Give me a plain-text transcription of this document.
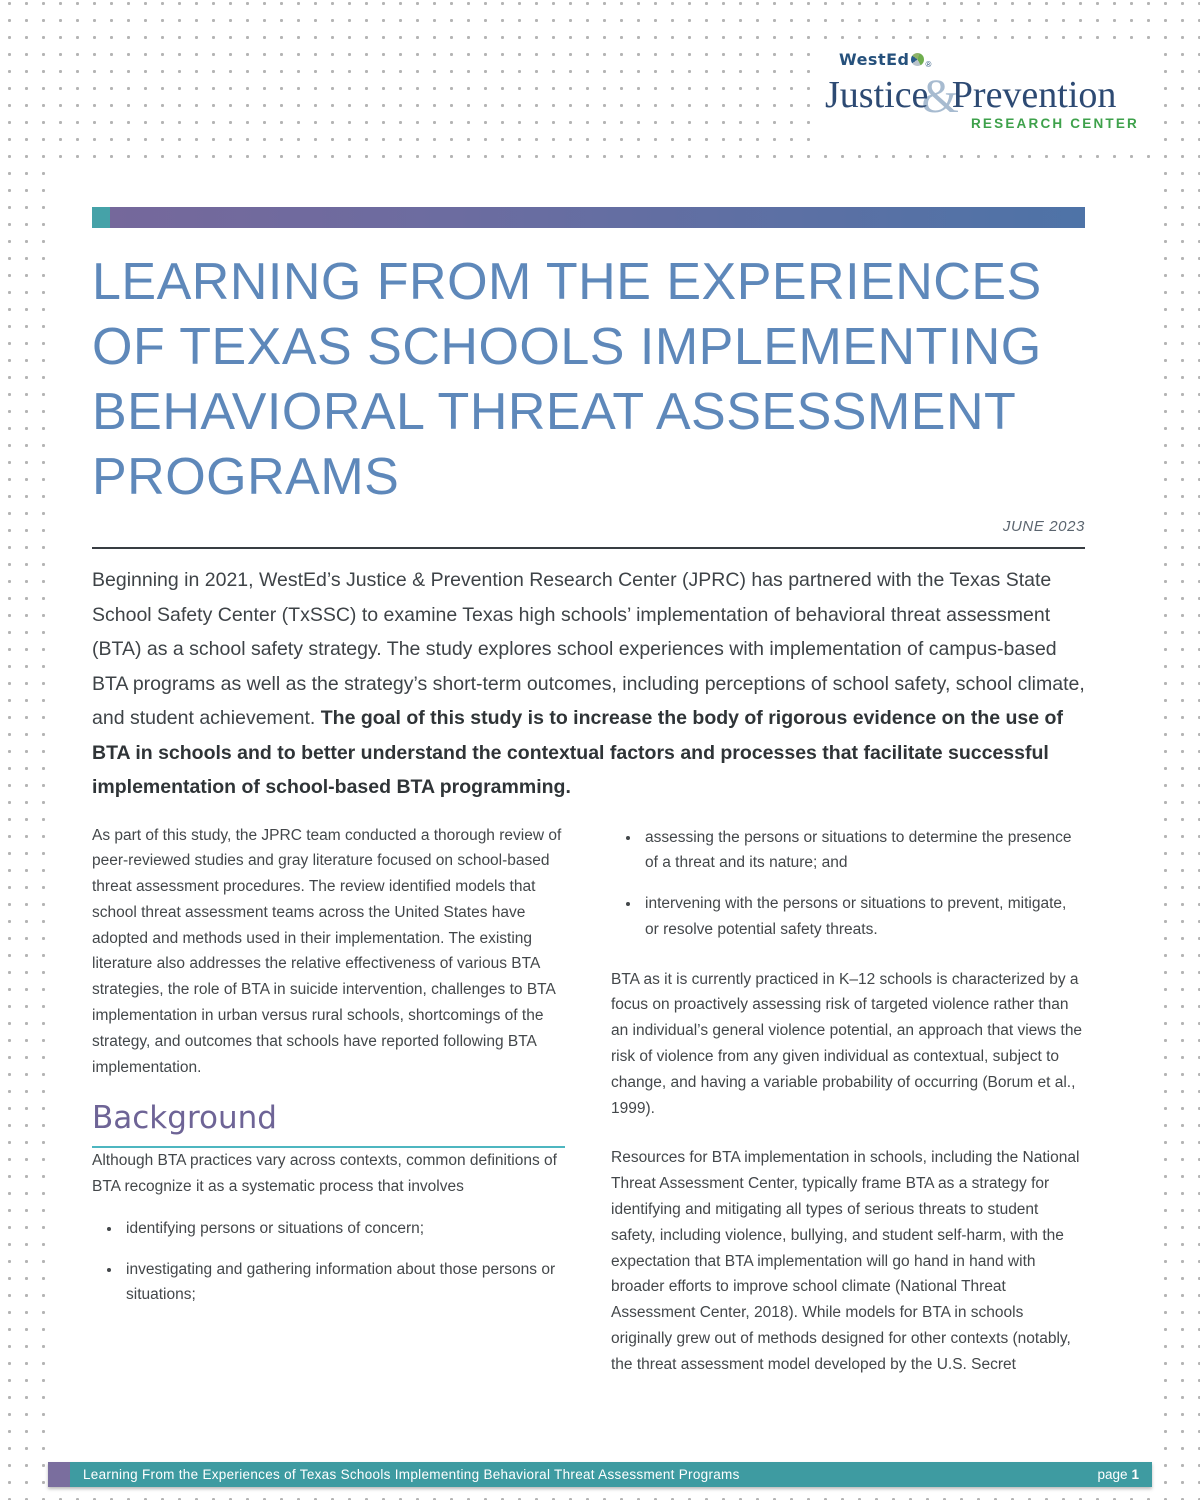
WestEd ®
Justice
&
Prevention
RESEARCH CENTER
LEARNING FROM THE EXPERIENCES
OF TEXAS SCHOOLS IMPLEMENTING
BEHAVIORAL THREAT ASSESSMENT
PROGRAMS
JUNE 2023

Beginning in 2021, WestEd’s Justice & Prevention Research Center (JPRC) has partnered with the Texas State School Safety Center (TxSSC) to examine Texas high schools’ implementation of behavioral threat assessment (BTA) as a school safety strategy. The study explores school experiences with implementation of campus-based BTA programs as well as the strategy’s short-term outcomes, including perceptions of school safety, school climate, and student achievement. The goal of this study is to increase the body of rigorous evidence on the use of BTA in schools and to better understand the contextual factors and processes that facilitate successful implementation of school-based BTA programming.

As part of this study, the JPRC team conducted a thorough review of peer-reviewed studies and gray literature focused on school-based threat assessment procedures. The review identified models that school threat assessment teams across the United States have adopted and methods used in their implementation. The existing literature also addresses the relative effectiveness of various BTA strategies, the role of BTA in suicide intervention, challenges to BTA implementation in urban versus rural schools, shortcomings of the strategy, and outcomes that schools have reported following BTA implementation.

Background

Although BTA practices vary across contexts, common definitions of BTA recognize it as a systematic process that involves

• identifying persons or situations of concern;
• investigating and gathering information about those persons or situations;
• assessing the persons or situations to determine the presence of a threat and its nature; and
• intervening with the persons or situations to prevent, mitigate, or resolve potential safety threats.

BTA as it is currently practiced in K–12 schools is characterized by a focus on proactively assessing risk of targeted violence rather than an individual’s general violence potential, an approach that views the risk of violence from any given individual as contextual, subject to change, and having a variable probability of occurring (Borum et al., 1999).

Resources for BTA implementation in schools, including the National Threat Assessment Center, typically frame BTA as a strategy for identifying and mitigating all types of serious threats to student safety, including violence, bullying, and student self-harm, with the expectation that BTA implementation will go hand in hand with broader efforts to improve school climate (National Threat Assessment Center, 2018). While models for BTA in schools originally grew out of methods designed for other contexts (notably, the threat assessment model developed by the U.S. Secret

Learning From the Experiences of Texas Schools Implementing Behavioral Threat Assessment Programs	page 1
